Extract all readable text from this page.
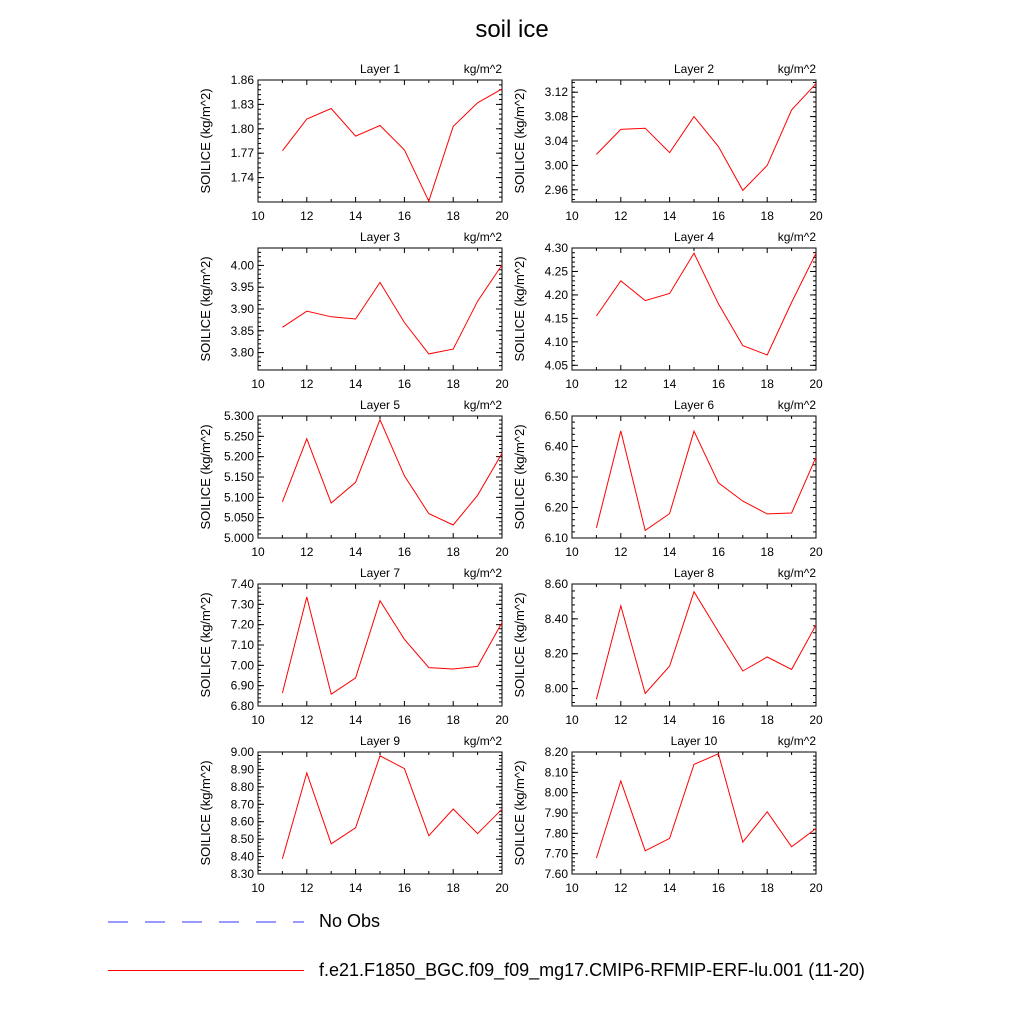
soil ice
10	12	14	16	18	20
1.74
1.77
1.80
1.83
1.86
Layer 1	kg/m^2
SOILICE (kg/m^2)
10	12	14	16	18	20
2.96
3.00
3.04
3.08
3.12
Layer 2	kg/m^2
SOILICE (kg/m^2)
10	12	14	16	18	20
3.80
3.85
3.90
3.95
4.00
Layer 3	kg/m^2
SOILICE (kg/m^2)
10	12	14	16	18	20
4.05
4.10
4.15
4.20
4.25
4.30
Layer 4	kg/m^2
SOILICE (kg/m^2)
10	12	14	16	18	20
5.000
5.050
5.100
5.150
5.200
5.250
5.300
Layer 5	kg/m^2
SOILICE (kg/m^2)
10	12	14	16	18	20
6.10
6.20
6.30
6.40
6.50
Layer 6	kg/m^2
SOILICE (kg/m^2)
10	12	14	16	18	20
6.80
6.90
7.00
7.10
7.20
7.30
7.40
Layer 7	kg/m^2
SOILICE (kg/m^2)
10	12	14	16	18	20
8.00
8.20
8.40
8.60
Layer 8	kg/m^2
SOILICE (kg/m^2)
10	12	14	16	18	20
8.30
8.40
8.50
8.60
8.70
8.80
8.90
9.00
Layer 9	kg/m^2
SOILICE (kg/m^2)
10	12	14	16	18	20
7.60
7.70
7.80
7.90
8.00
8.10
8.20
Layer 10	kg/m^2
SOILICE (kg/m^2)
No Obs
f.e21.F1850_BGC.f09_f09_mg17.CMIP6-RFMIP-ERF-lu.001 (11-20)
